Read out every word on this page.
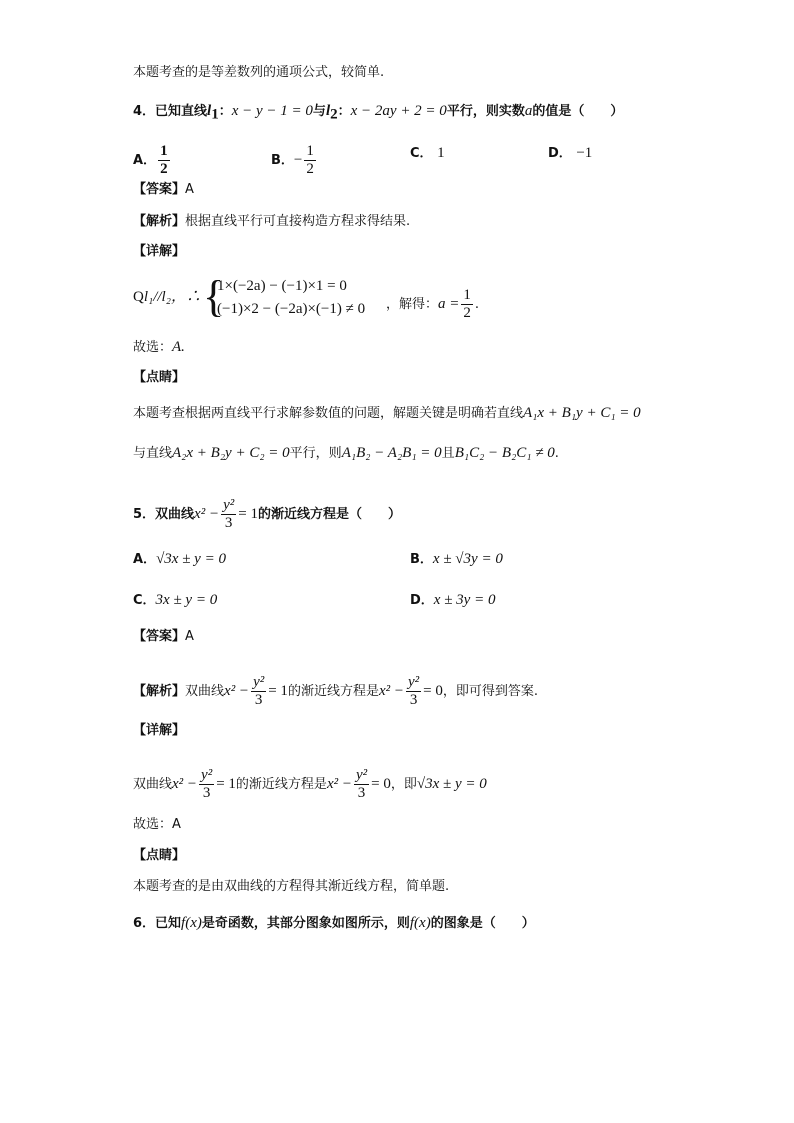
本题考查的是等差数列的通项公式，较简单.
4．已知直线$l_1$：x − y − 1 = 0与$l_2$：x − 2ay + 2 = 0平行，则实数a的值是（　　）
A． $\frac{1}{2}$	B．− $\frac{1}{2}$	C． 1	D． −1
【答案】A
【解析】根据直线平行可直接构造方程求得结果.
【详解】
Ql₁//l₂，∴ {
1×(−2a) − (−1)×1 = 0
(−1)×2 − (−2a)×(−1) ≠ 0 ，解得：$a = \frac{1}{2}$ .
故选：A.
【点睛】
本题考查根据两直线平行求解参数值的问题，解题关键是明确若直线A₁x + B₁y + C₁ = 0
与直线A₂x + B₂y + C₂ = 0平行，则A₁B₂ − A₂B₁ = 0且B₁C₂ − B₂C₁ ≠ 0.
5．双曲线$x^2 - \frac{\text{y²}}{3} = 1$的渐近线方程是（　　）
A．√3x ± y = 0	B．x ± √3y = 0
C．3x ± y = 0	D．x ± 3y = 0
【答案】A
【解析】双曲线$x^2 - \frac{\text{y²}}{3} = 1$的渐近线方程是$x^2 - \frac{\text{y²}}{3} = 0$，即可得到答案.
【详解】
双曲线$x^2 - \frac{\text{y²}}{3} = 1$的渐近线方程是$x^2 - \frac{\text{y²}}{3} = 0$，即√3x ± y = 0
故选：A
【点睛】
本题考查的是由双曲线的方程得其渐近线方程，简单题.
6．已知f(x)是奇函数，其部分图象如图所示，则f(x)的图象是（　　）
